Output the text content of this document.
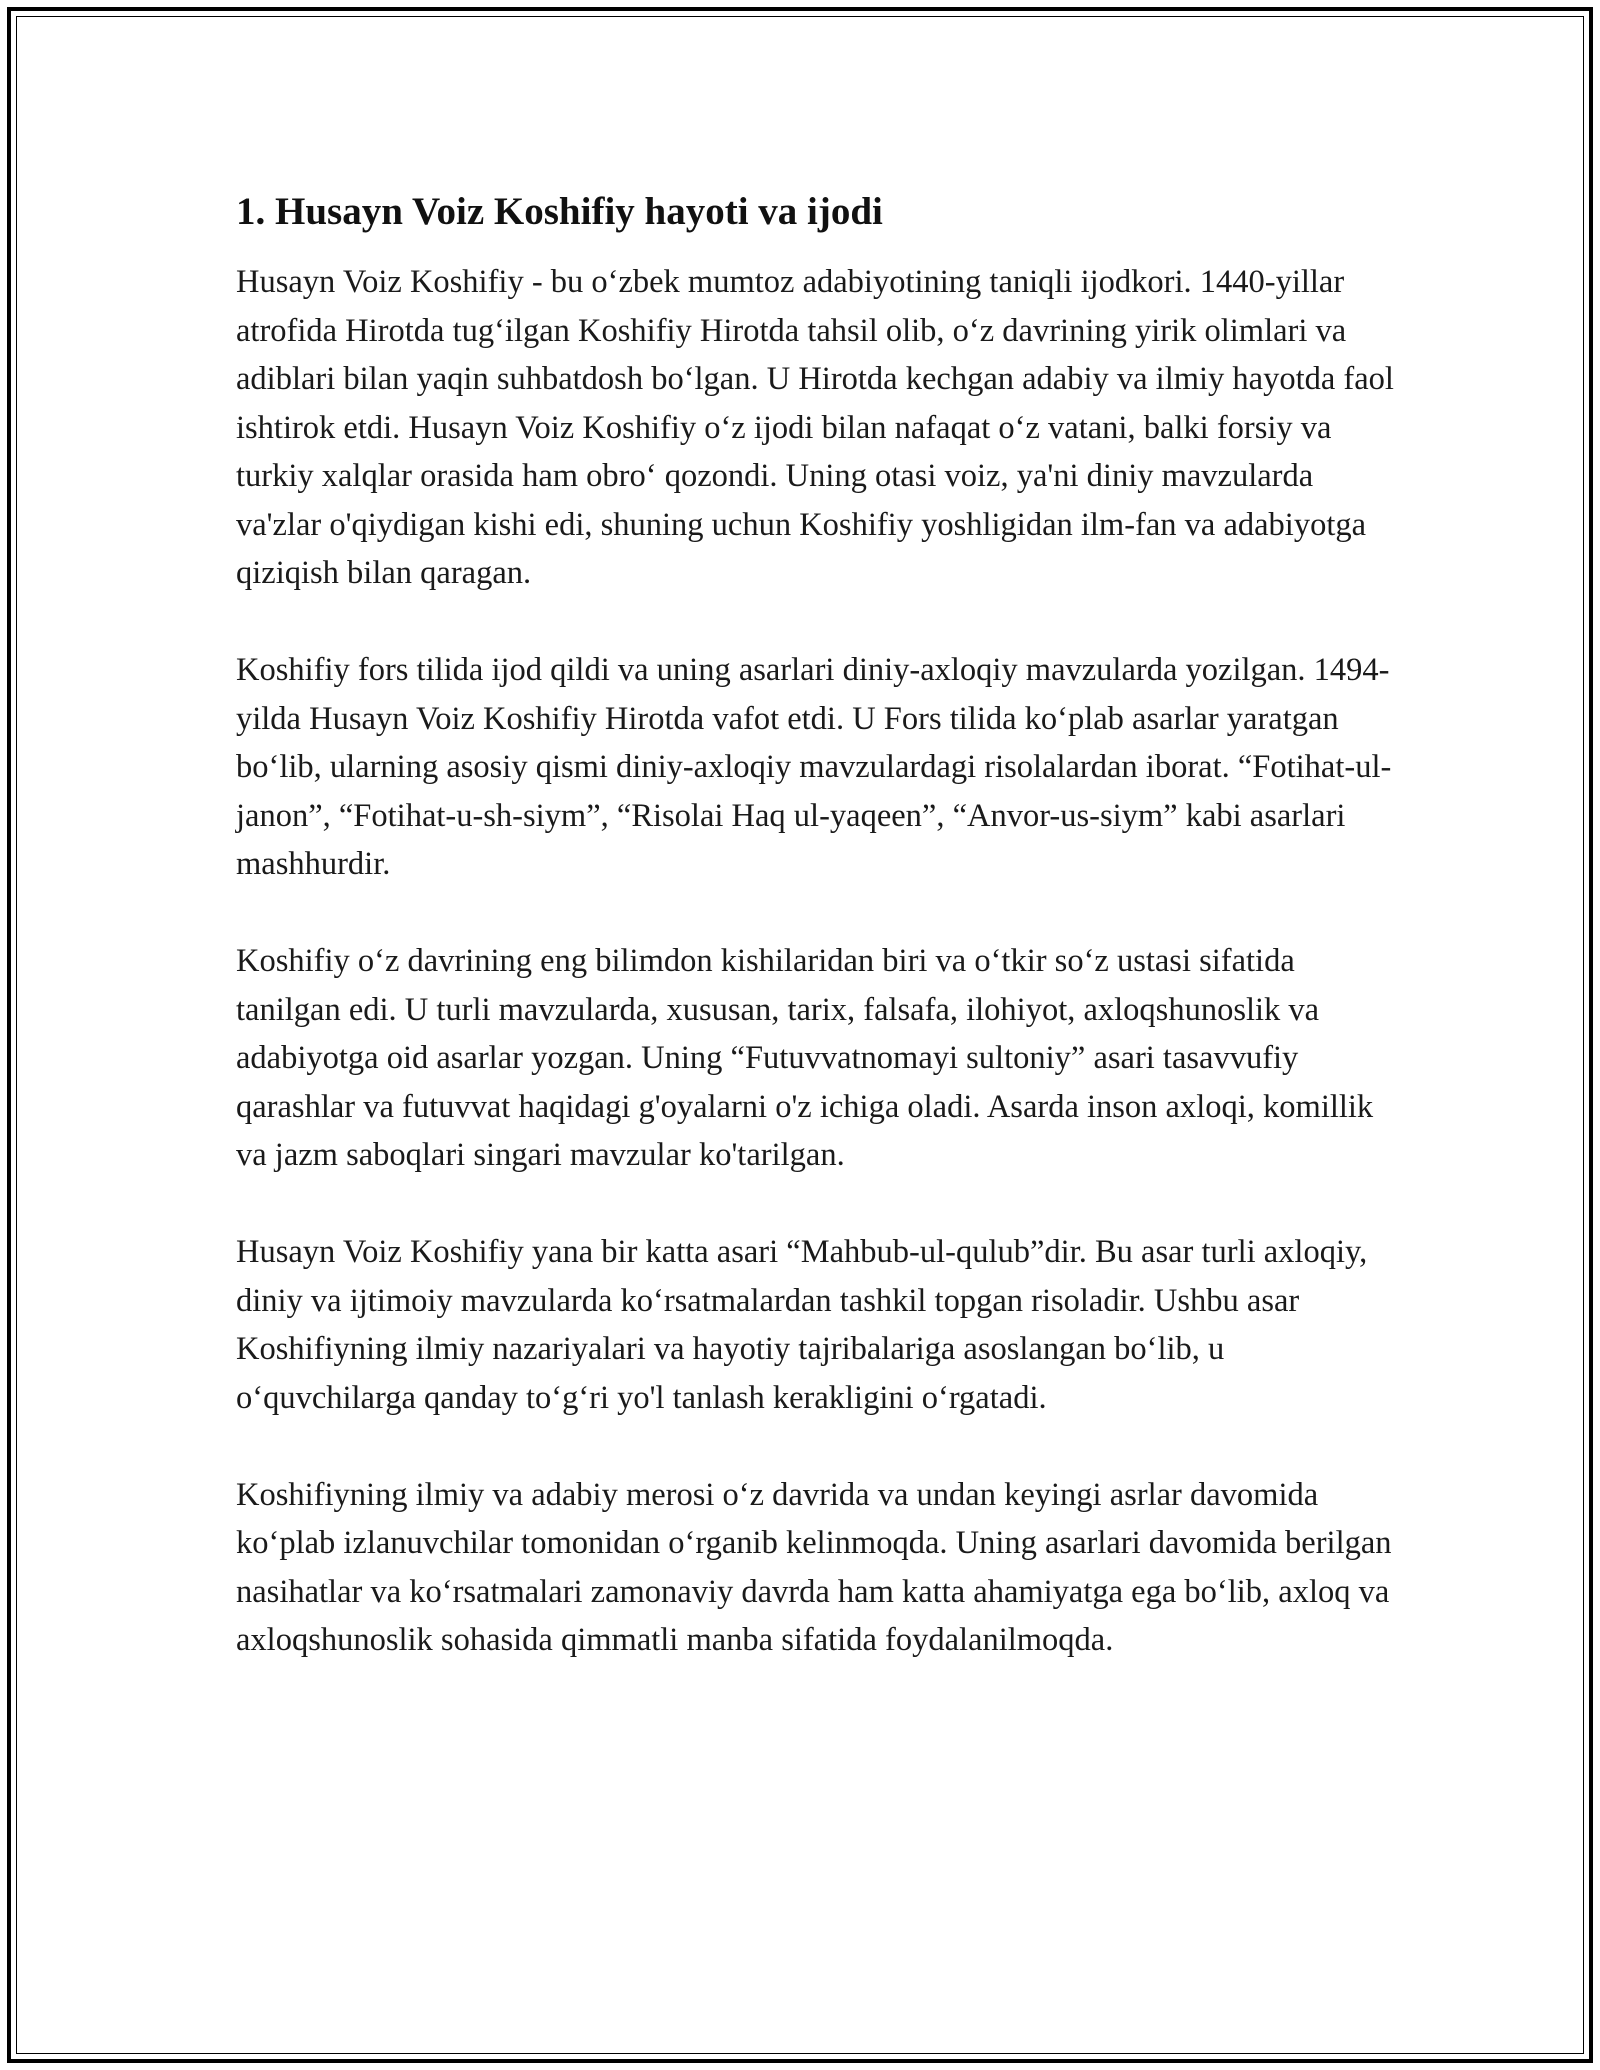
1. Husayn Voiz Koshifiy hayoti va ijodi

Husayn Voiz Koshifiy - bu o‘zbek mumtoz adabiyotining taniqli ijodkori. 1440-yillar atrofida Hirotda tug‘ilgan Koshifiy Hirotda tahsil olib, o‘z davrining yirik olimlari va adiblari bilan yaqin suhbatdosh bo‘lgan. U Hirotda kechgan adabiy va ilmiy hayotda faol ishtirok etdi. Husayn Voiz Koshifiy o‘z ijodi bilan nafaqat o‘z vatani, balki forsiy va turkiy xalqlar orasida ham obro‘ qozondi. Uning otasi voiz, ya'ni diniy mavzularda va'zlar o'qiydigan kishi edi, shuning uchun Koshifiy yoshligidan ilm-fan va adabiyotga qiziqish bilan qaragan.

Koshifiy fors tilida ijod qildi va uning asarlari diniy-axloqiy mavzularda yozilgan. 1494-yilda Husayn Voiz Koshifiy Hirotda vafot etdi. U Fors tilida ko‘plab asarlar yaratgan bo‘lib, ularning asosiy qismi diniy-axloqiy mavzulardagi risolalardan iborat. “Fotihat-ul-janon”, “Fotihat-u-sh-siym”, “Risolai Haq ul-yaqeen”, “Anvor-us-siym” kabi asarlari mashhurdir.

Koshifiy o‘z davrining eng bilimdon kishilaridan biri va o‘tkir so‘z ustasi sifatida tanilgan edi. U turli mavzularda, xususan, tarix, falsafa, ilohiyot, axloqshunoslik va adabiyotga oid asarlar yozgan. Uning “Futuvvatnomayi sultoniy” asari tasavvufiy qarashlar va futuvvat haqidagi g'oyalarni o'z ichiga oladi. Asarda inson axloqi, komillik va jazm saboqlari singari mavzular ko'tarilgan.

Husayn Voiz Koshifiy yana bir katta asari “Mahbub-ul-qulub”dir. Bu asar turli axloqiy, diniy va ijtimoiy mavzularda ko‘rsatmalardan tashkil topgan risoladir. Ushbu asar Koshifiyning ilmiy nazariyalari va hayotiy tajribalariga asoslangan bo‘lib, u o‘quvchilarga qanday to‘g‘ri yo'l tanlash kerakligini o‘rgatadi.

Koshifiyning ilmiy va adabiy merosi o‘z davrida va undan keyingi asrlar davomida ko‘plab izlanuvchilar tomonidan o‘rganib kelinmoqda. Uning asarlari davomida berilgan nasihatlar va ko‘rsatmalari zamonaviy davrda ham katta ahamiyatga ega bo‘lib, axloq va axloqshunoslik sohasida qimmatli manba sifatida foydalanilmoqda.
